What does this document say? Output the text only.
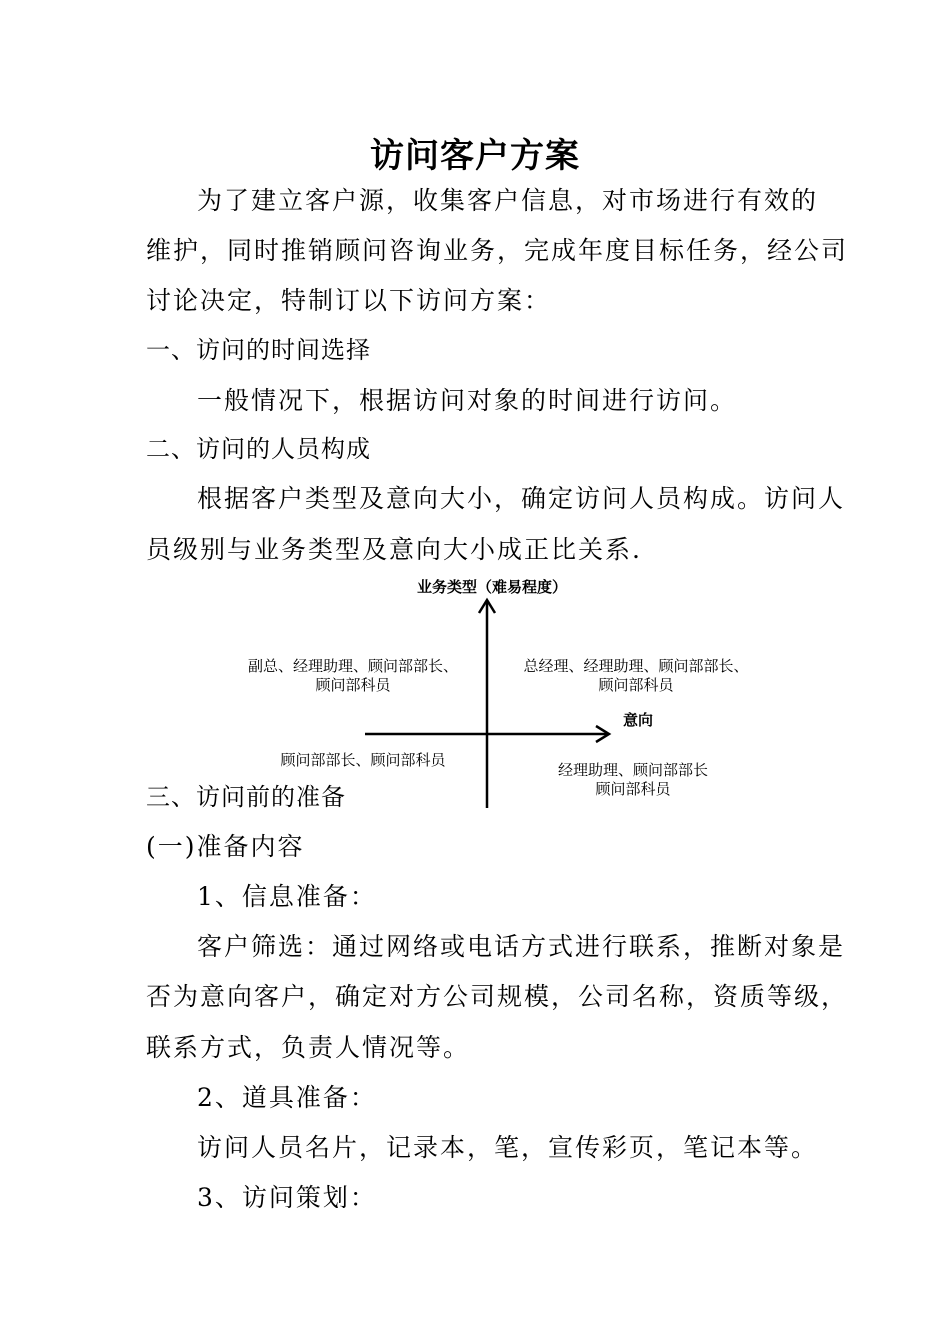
访问客户方案
为了建立客户源，收集客户信息，对市场进行有效的
维护，同时推销顾问咨询业务，完成年度目标任务，经公司
讨论决定，特制订以下访问方案：
一、访问的时间选择
一般情况下，根据访问对象的时间进行访问。
二、访问的人员构成
根据客户类型及意向大小，确定访问人员构成。访问人
员级别与业务类型及意向大小成正比关系.
业务类型（难易程度）
意向
副总、经理助理、顾问部部长、
顾问部科员
总经理、经理助理、顾问部部长、
顾问部科员
顾问部部长、顾问部科员
经理助理、顾问部部长
顾问部科员
三、访问前的准备
(一)准备内容
1、信息准备：
客户筛选：通过网络或电话方式进行联系，推断对象是
否为意向客户，确定对方公司规模，公司名称，资质等级，
联系方式，负责人情况等。
2、道具准备：
访问人员名片，记录本，笔，宣传彩页，笔记本等。
3、访问策划：
